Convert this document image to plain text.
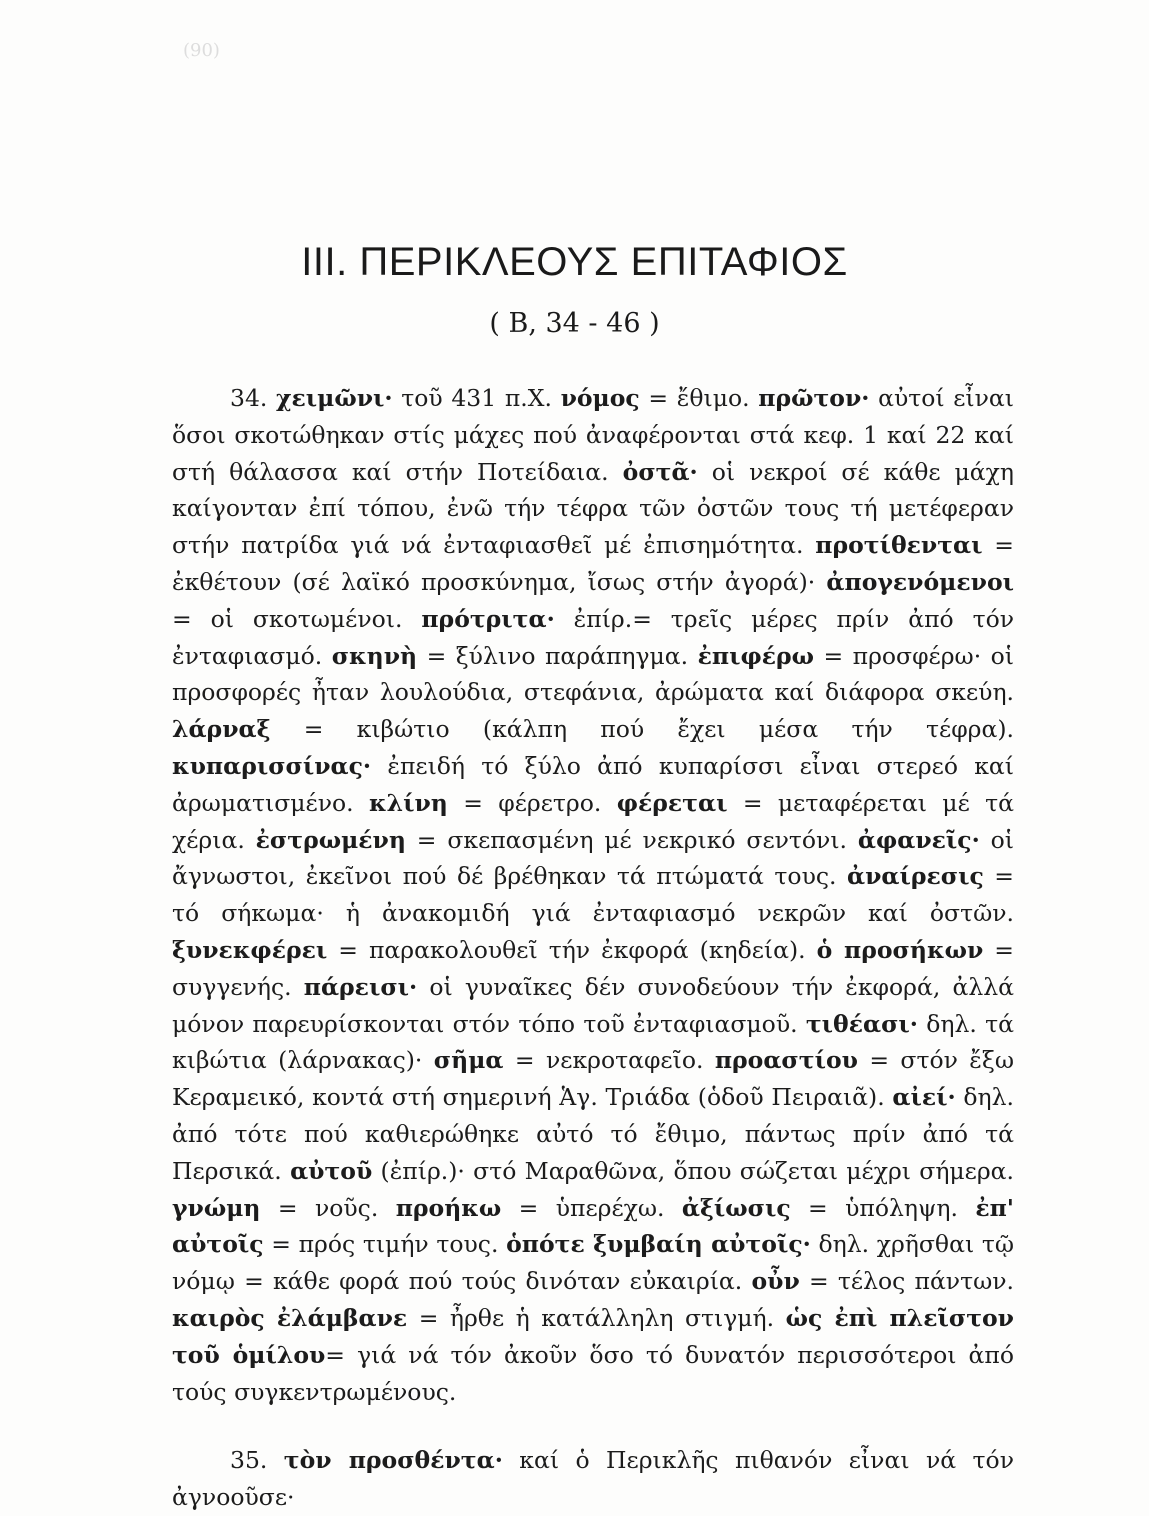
(90)
ΙΙΙ. ΠΕΡΙΚΛΕΟΥΣ ΕΠΙΤΑΦΙΟΣ
( Β, 34 - 46 )

34. χειμῶνι· τοῦ 431 π.Χ. νόμος = ἔθιμο. πρῶτον· αὐτοί εἶναι ὅσοι σκοτώθηκαν στίς μάχες πού ἀναφέρονται στά κεφ. 1 καί 22 καί στή θάλασσα καί στήν Ποτείδαια. ὀστᾶ· οἱ νεκροί σέ κάθε μάχη καίγονταν ἐπί τόπου, ἐνῶ τήν τέφρα τῶν ὀστῶν τους τή μετέφεραν στήν πατρίδα γιά νά ἐνταφιασθεῖ μέ ἐπισημότητα. προτίθενται = ἐκθέτουν (σέ λαϊκό προσκύνημα, ἴσως στήν ἀγορά)· ἀπογενόμενοι = οἱ σκοτωμένοι. πρότριτα· ἐπίρ.= τρεῖς μέρες πρίν ἀπό τόν ἐνταφιασμό. σκηνὴ = ξύλινο παράπηγμα. ἐπιφέρω = προσφέρω· οἱ προσφορές ἦταν λουλούδια, στεφάνια, ἀρώματα καί διάφορα σκεύη. λάρναξ = κιβώτιο (κάλπη πού ἔχει μέσα τήν τέφρα). κυπαρισσίνας· ἐπειδή τό ξύλο ἀπό κυπαρίσσι εἶναι στερεό καί ἀρωματισμένο. κλίνη = φέρετρο. φέρεται = μεταφέρεται μέ τά χέρια. ἐστρωμένη = σκεπασμένη μέ νεκρικό σεντόνι. ἀφανεῖς· οἱ ἄγνωστοι, ἐκεῖνοι πού δέ βρέθηκαν τά πτώματά τους. ἀναίρεσις = τό σήκωμα· ἡ ἀνακομιδή γιά ἐνταφιασμό νεκρῶν καί ὀστῶν. ξυνεκφέρει = παρακολουθεῖ τήν ἐκφορά (κηδεία). ὁ προσήκων = συγγενής. πάρεισι· οἱ γυναῖκες δέν συνοδεύουν τήν ἐκφορά, ἀλλά μόνον παρευρίσκονται στόν τόπο τοῦ ἐνταφιασμοῦ. τιθέασι· δηλ. τά κιβώτια (λάρνακας)· σῆμα = νεκροταφεῖο. προαστίου = στόν ἔξω Κεραμεικό, κοντά στή σημερινή Ἁγ. Τριάδα (ὁδοῦ Πειραιᾶ). αἰεί· δηλ. ἀπό τότε πού καθιερώθηκε αὐτό τό ἔθιμο, πάντως πρίν ἀπό τά Περσικά. αὐτοῦ (ἐπίρ.)· στό Μαραθῶνα, ὅπου σώζεται μέχρι σήμερα. γνώμη = νοῦς. προήκω = ὑπερέχω. ἀξίωσις = ὑπόληψη. ἐπ' αὐτοῖς = πρός τιμήν τους. ὁπότε ξυμβαίη αὐτοῖς· δηλ. χρῆσθαι τῷ νόμῳ = κάθε φορά πού τούς δινόταν εὐκαιρία. οὖν = τέλος πάντων. καιρὸς ἐλάμβανε = ἦρθε ἡ κατάλληλη στιγμή. ὡς ἐπὶ πλεῖστον τοῦ ὁμίλου= γιά νά τόν ἀκοῦν ὅσο τό δυνατόν περισσότεροι ἀπό τούς συγκεντρωμένους.

35. τὸν προσθέντα· καί ὁ Περικλῆς πιθανόν εἶναι νά τόν ἀγνοοῦσε·
